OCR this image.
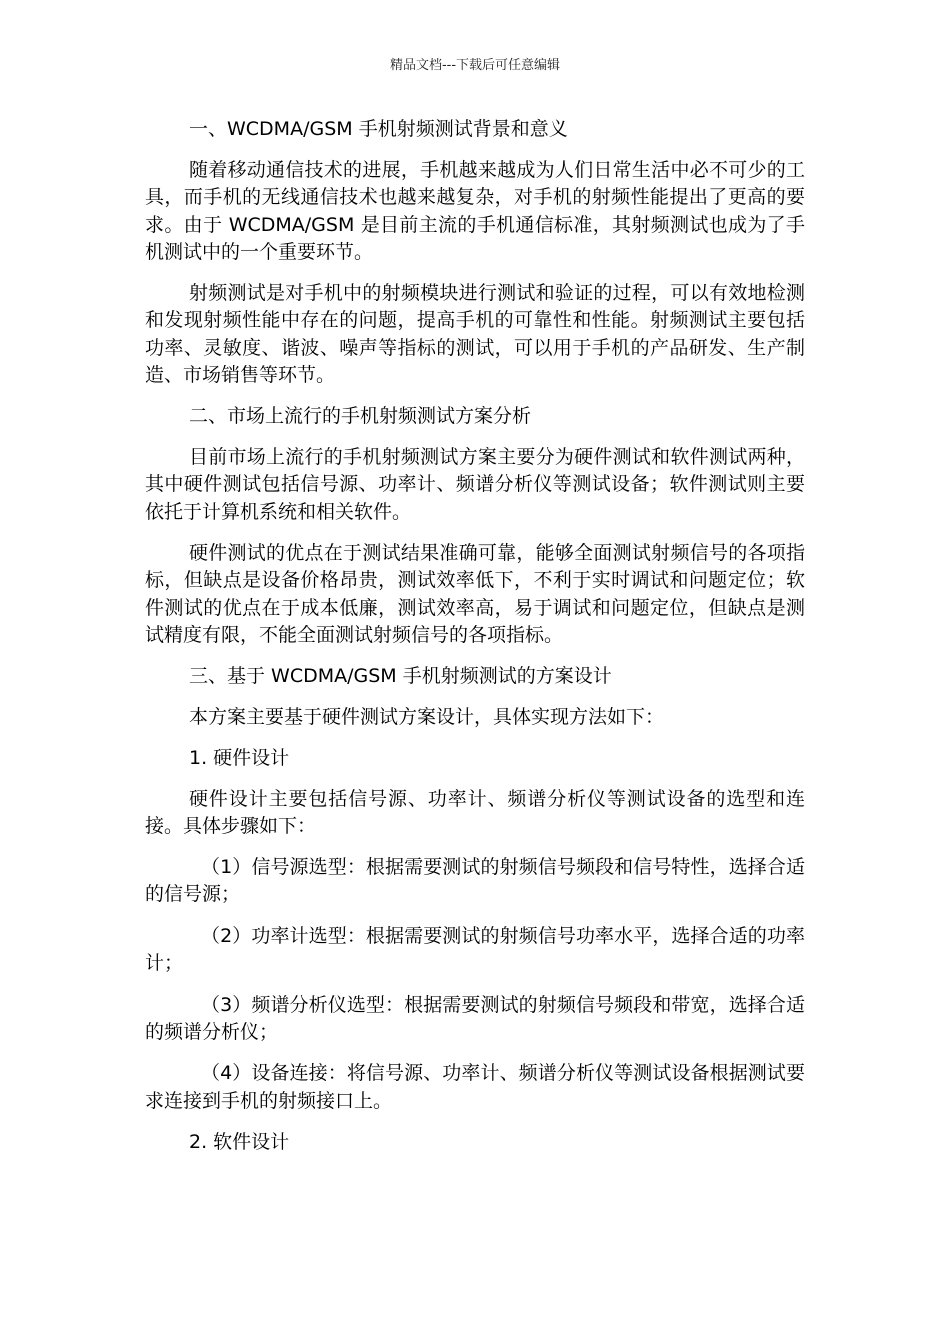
精品文档---下载后可任意编辑

一、WCDMA/GSM 手机射频测试背景和意义

随着移动通信技术的进展，手机越来越成为人们日常生活中必不可少的工具，而手机的无线通信技术也越来越复杂，对手机的射频性能提出了更高的要求。由于 WCDMA/GSM 是目前主流的手机通信标准，其射频测试也成为了手机测试中的一个重要环节。

射频测试是对手机中的射频模块进行测试和验证的过程，可以有效地检测和发现射频性能中存在的问题，提高手机的可靠性和性能。射频测试主要包括功率、灵敏度、谐波、噪声等指标的测试，可以用于手机的产品研发、生产制造、市场销售等环节。

二、市场上流行的手机射频测试方案分析

目前市场上流行的手机射频测试方案主要分为硬件测试和软件测试两种，其中硬件测试包括信号源、功率计、频谱分析仪等测试设备；软件测试则主要依托于计算机系统和相关软件。

硬件测试的优点在于测试结果准确可靠，能够全面测试射频信号的各项指标，但缺点是设备价格昂贵，测试效率低下，不利于实时调试和问题定位；软件测试的优点在于成本低廉，测试效率高，易于调试和问题定位，但缺点是测试精度有限，不能全面测试射频信号的各项指标。

三、基于 WCDMA/GSM 手机射频测试的方案设计

本方案主要基于硬件测试方案设计，具体实现方法如下：

1. 硬件设计

硬件设计主要包括信号源、功率计、频谱分析仪等测试设备的选型和连接。具体步骤如下：

（1）信号源选型：根据需要测试的射频信号频段和信号特性，选择合适的信号源；

（2）功率计选型：根据需要测试的射频信号功率水平，选择合适的功率计；

（3）频谱分析仪选型：根据需要测试的射频信号频段和带宽，选择合适的频谱分析仪；

（4）设备连接：将信号源、功率计、频谱分析仪等测试设备根据测试要求连接到手机的射频接口上。

2. 软件设计
